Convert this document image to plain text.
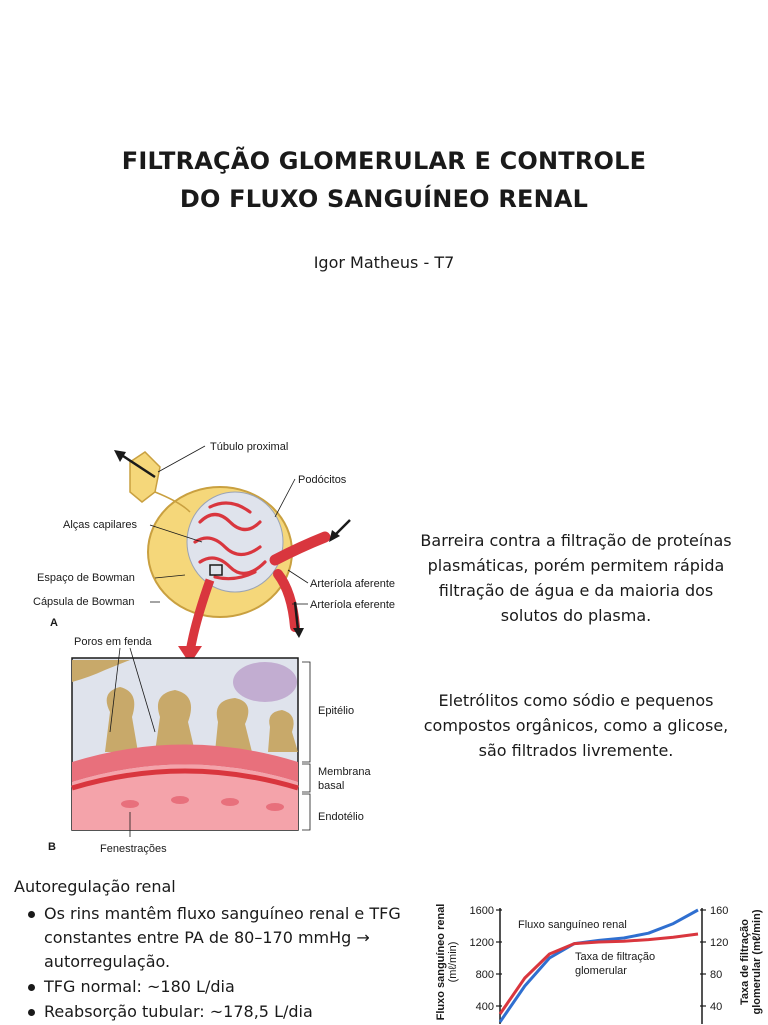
FILTRAÇÃO GLOMERULAR E CONTROLE
DO FLUXO SANGUÍNEO RENAL
Igor Matheus - T7
Túbulo proximal
Podócitos
Alças capilares
Espaço de Bowman
Cápsula de Bowman
Arteríola aferente
Arteríola eferente
A
Poros em fenda
Epitélio
Membrana
basal
Endotélio
B	Fenestrações
Barreira contra a filtração de proteínas plasmáticas, porém permitem rápida filtração de água e da maioria dos solutos do plasma.
Eletrólitos como sódio e pequenos compostos orgânicos, como a glicose, são filtrados livremente.
Autoregulação renal
Os rins mantêm fluxo sanguíneo renal e TFG constantes entre PA de 80–170 mmHg → autorregulação.
TFG normal: ~180 L/dia
Reabsorção tubular: ~178,5 L/dia	Fluxo sanguíneo renal (mℓ/min)	Taxa de filtração glomerular (mℓ/min)
1600
1200
800
400
160
120
80
40
Fluxo sanguíneo renal
Taxa de filtração
glomerular
